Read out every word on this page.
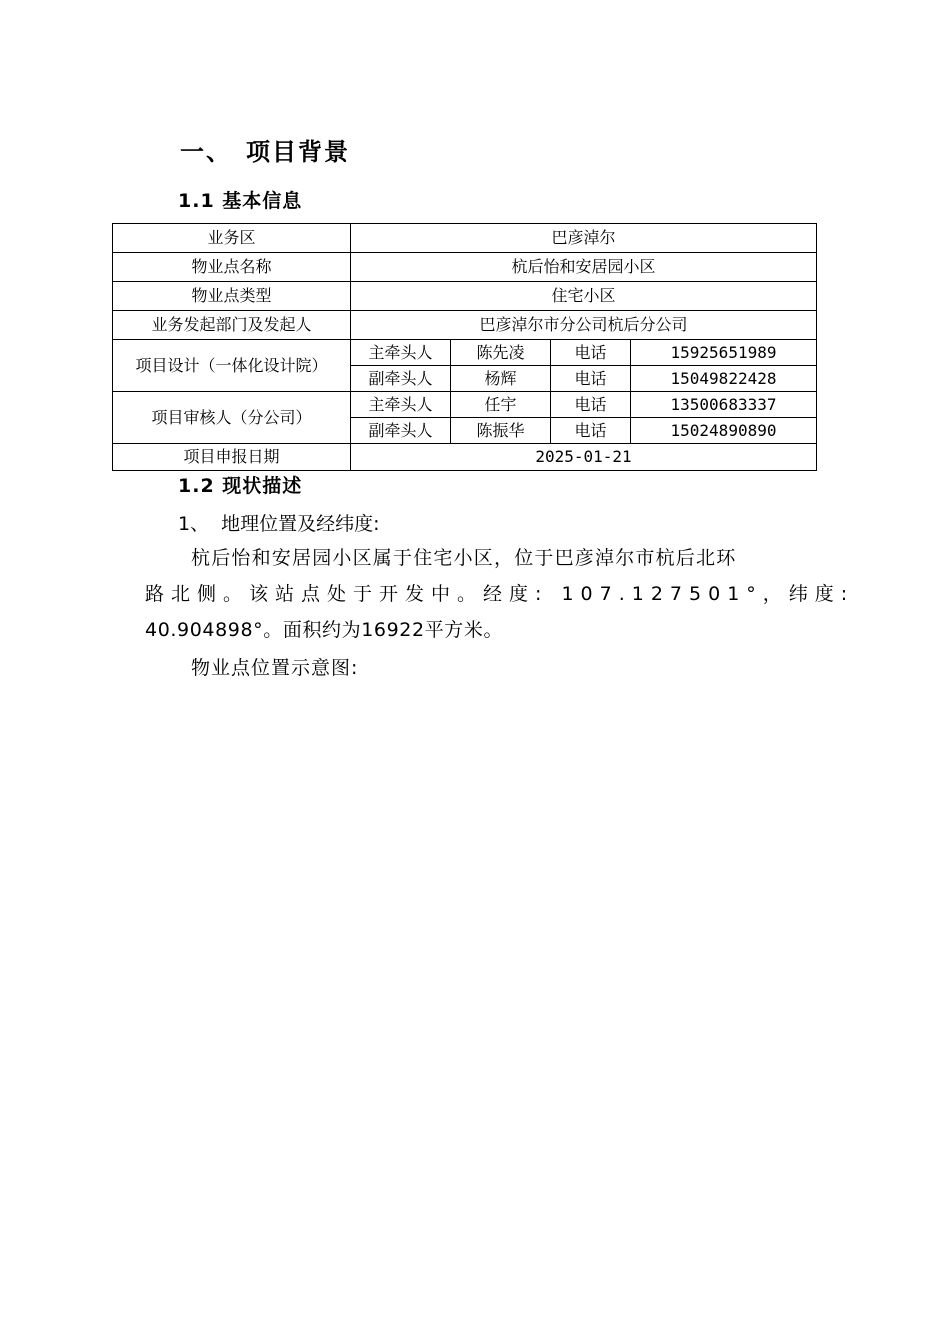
一、 项目背景
1.1 基本信息
业务区	巴彦淖尔			
物业点名称	杭后怡和安居园小区			
物业点类型	住宅小区			
业务发起部门及发起人	巴彦淖尔市分公司杭后分公司			
项目设计（一体化设计院）	主牵头人	陈先凌	电话	15925651989
	副牵头人	杨辉	电话	15049822428
项目审核人（分公司）	主牵头人	任宇	电话	13500683337
	副牵头人	陈振华	电话	15024890890
项目申报日期	2025-01-21			
1.2 现状描述
1、  地理位置及经纬度:
杭后怡和安居园小区属于住宅小区，位于巴彦淖尔市杭后北环
路北侧。该站点处于开发中。经度: 107.127501°，纬度:
40.904898°。面积约为16922平方米。
物业点位置示意图:
